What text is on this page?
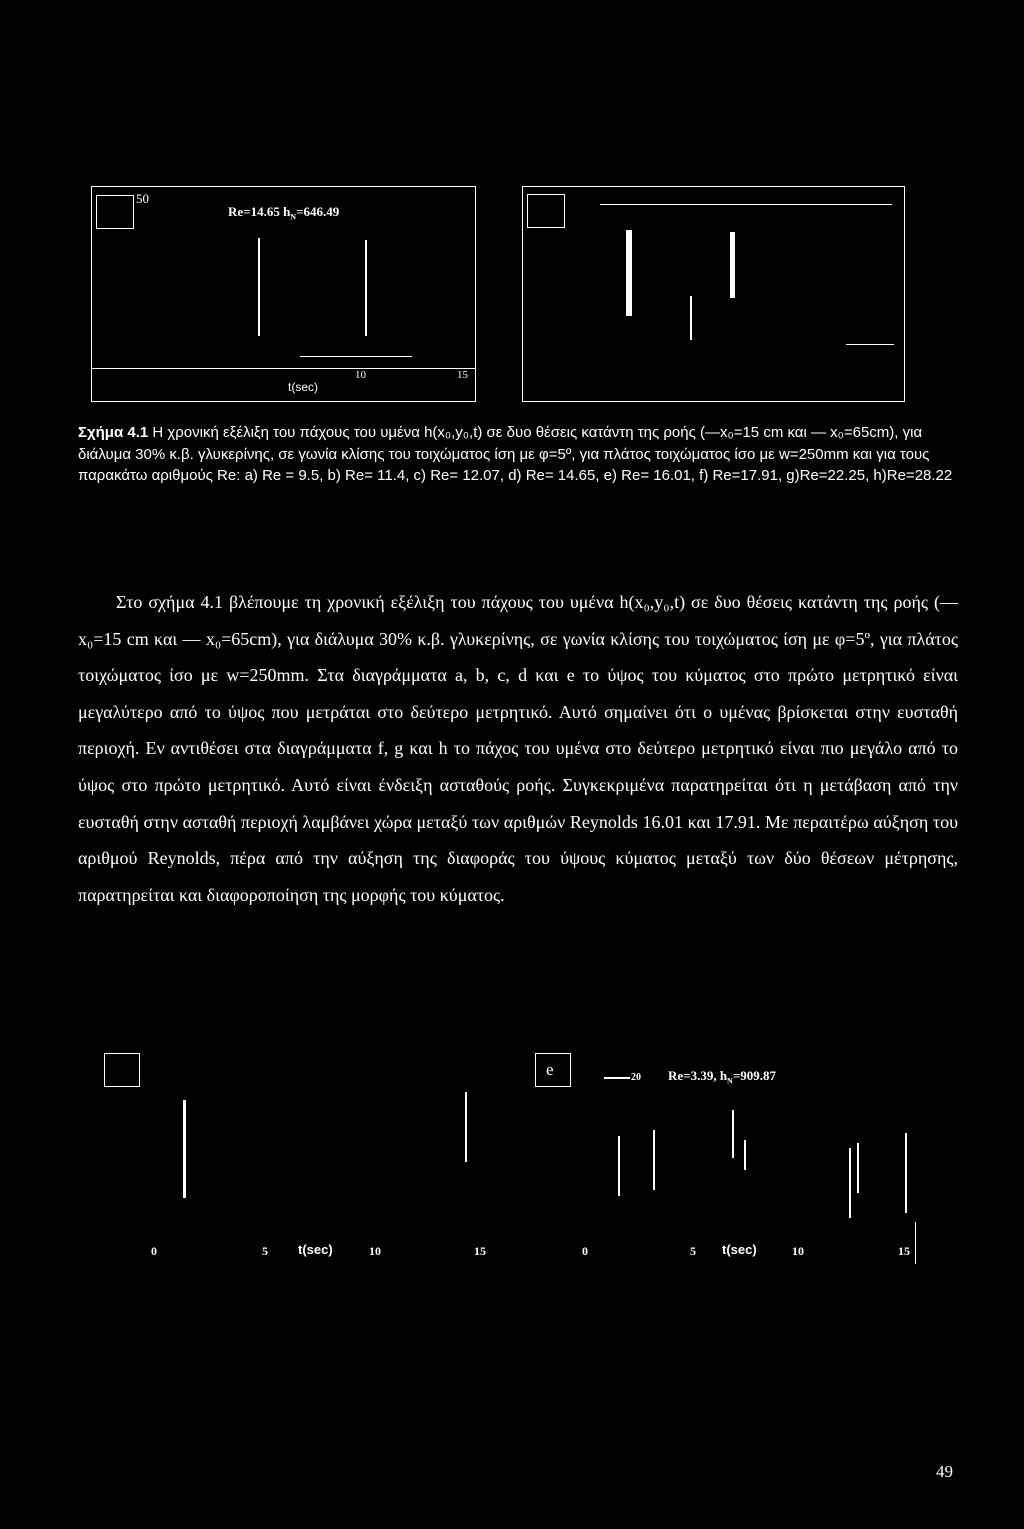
50
Re=14.65 $h_N=646.49$
10	15
t(sec)
Σχήμα 4.1 Η χρονική εξέλιξη του πάχους του υμένα h(x₀,y₀,t) σε δυο θέσεις κατάντη της ροής (—x₀=15 cm και — x₀=65cm), για διάλυμα 30% κ.β. γλυκερίνης, σε γωνία κλίσης του τοιχώματος ίση με φ=5º, για πλάτος τοιχώματος ίσο με w=250mm και για τους παρακάτω αριθμούς Re: a) Re = 9.5, b) Re= 11.4, c) Re= 12.07, d) Re= 14.65, e) Re= 16.01, f) Re=17.91, g)Re=22.25, h)Re=28.22

Στο σχήμα 4.1 βλέπουμε τη χρονική εξέλιξη του πάχους του υμένα h(x₀,y₀,t) σε δυο θέσεις κατάντη της ροής (—x₀=15 cm και — x₀=65cm), για διάλυμα 30% κ.β. γλυκερίνης, σε γωνία κλίσης του τοιχώματος ίση με φ=5º, για πλάτος τοιχώματος ίσο με w=250mm. Στα διαγράμματα a, b, c, d και e το ύψος του κύματος στο πρώτο μετρητικό είναι μεγαλύτερο από το ύψος που μετράται στο δεύτερο μετρητικό. Αυτό σημαίνει ότι ο υμένας βρίσκεται στην ευσταθή περιοχή. Εν αντιθέσει στα διαγράμματα f, g και h το πάχος του υμένα στο δεύτερο μετρητικό είναι πιο μεγάλο από το ύψος στο πρώτο μετρητικό. Αυτό είναι ένδειξη ασταθούς ροής. Συγκεκριμένα παρατηρείται ότι η μετάβαση από την ευσταθή στην ασταθή περιοχή λαμβάνει χώρα μεταξύ των αριθμών Reynolds 16.01 και 17.91. Με περαιτέρω αύξηση του αριθμού Reynolds, πέρα από την αύξηση της διαφοράς του ύψους κύματος μεταξύ των δύο θέσεων μέτρησης, παρατηρείται και διαφοροποίηση της μορφής του κύματος.

0	5 t(sec)	10	15
e	20 Re=3.39, $h_N=909.87$
0	5 t(sec)	10	15
49
